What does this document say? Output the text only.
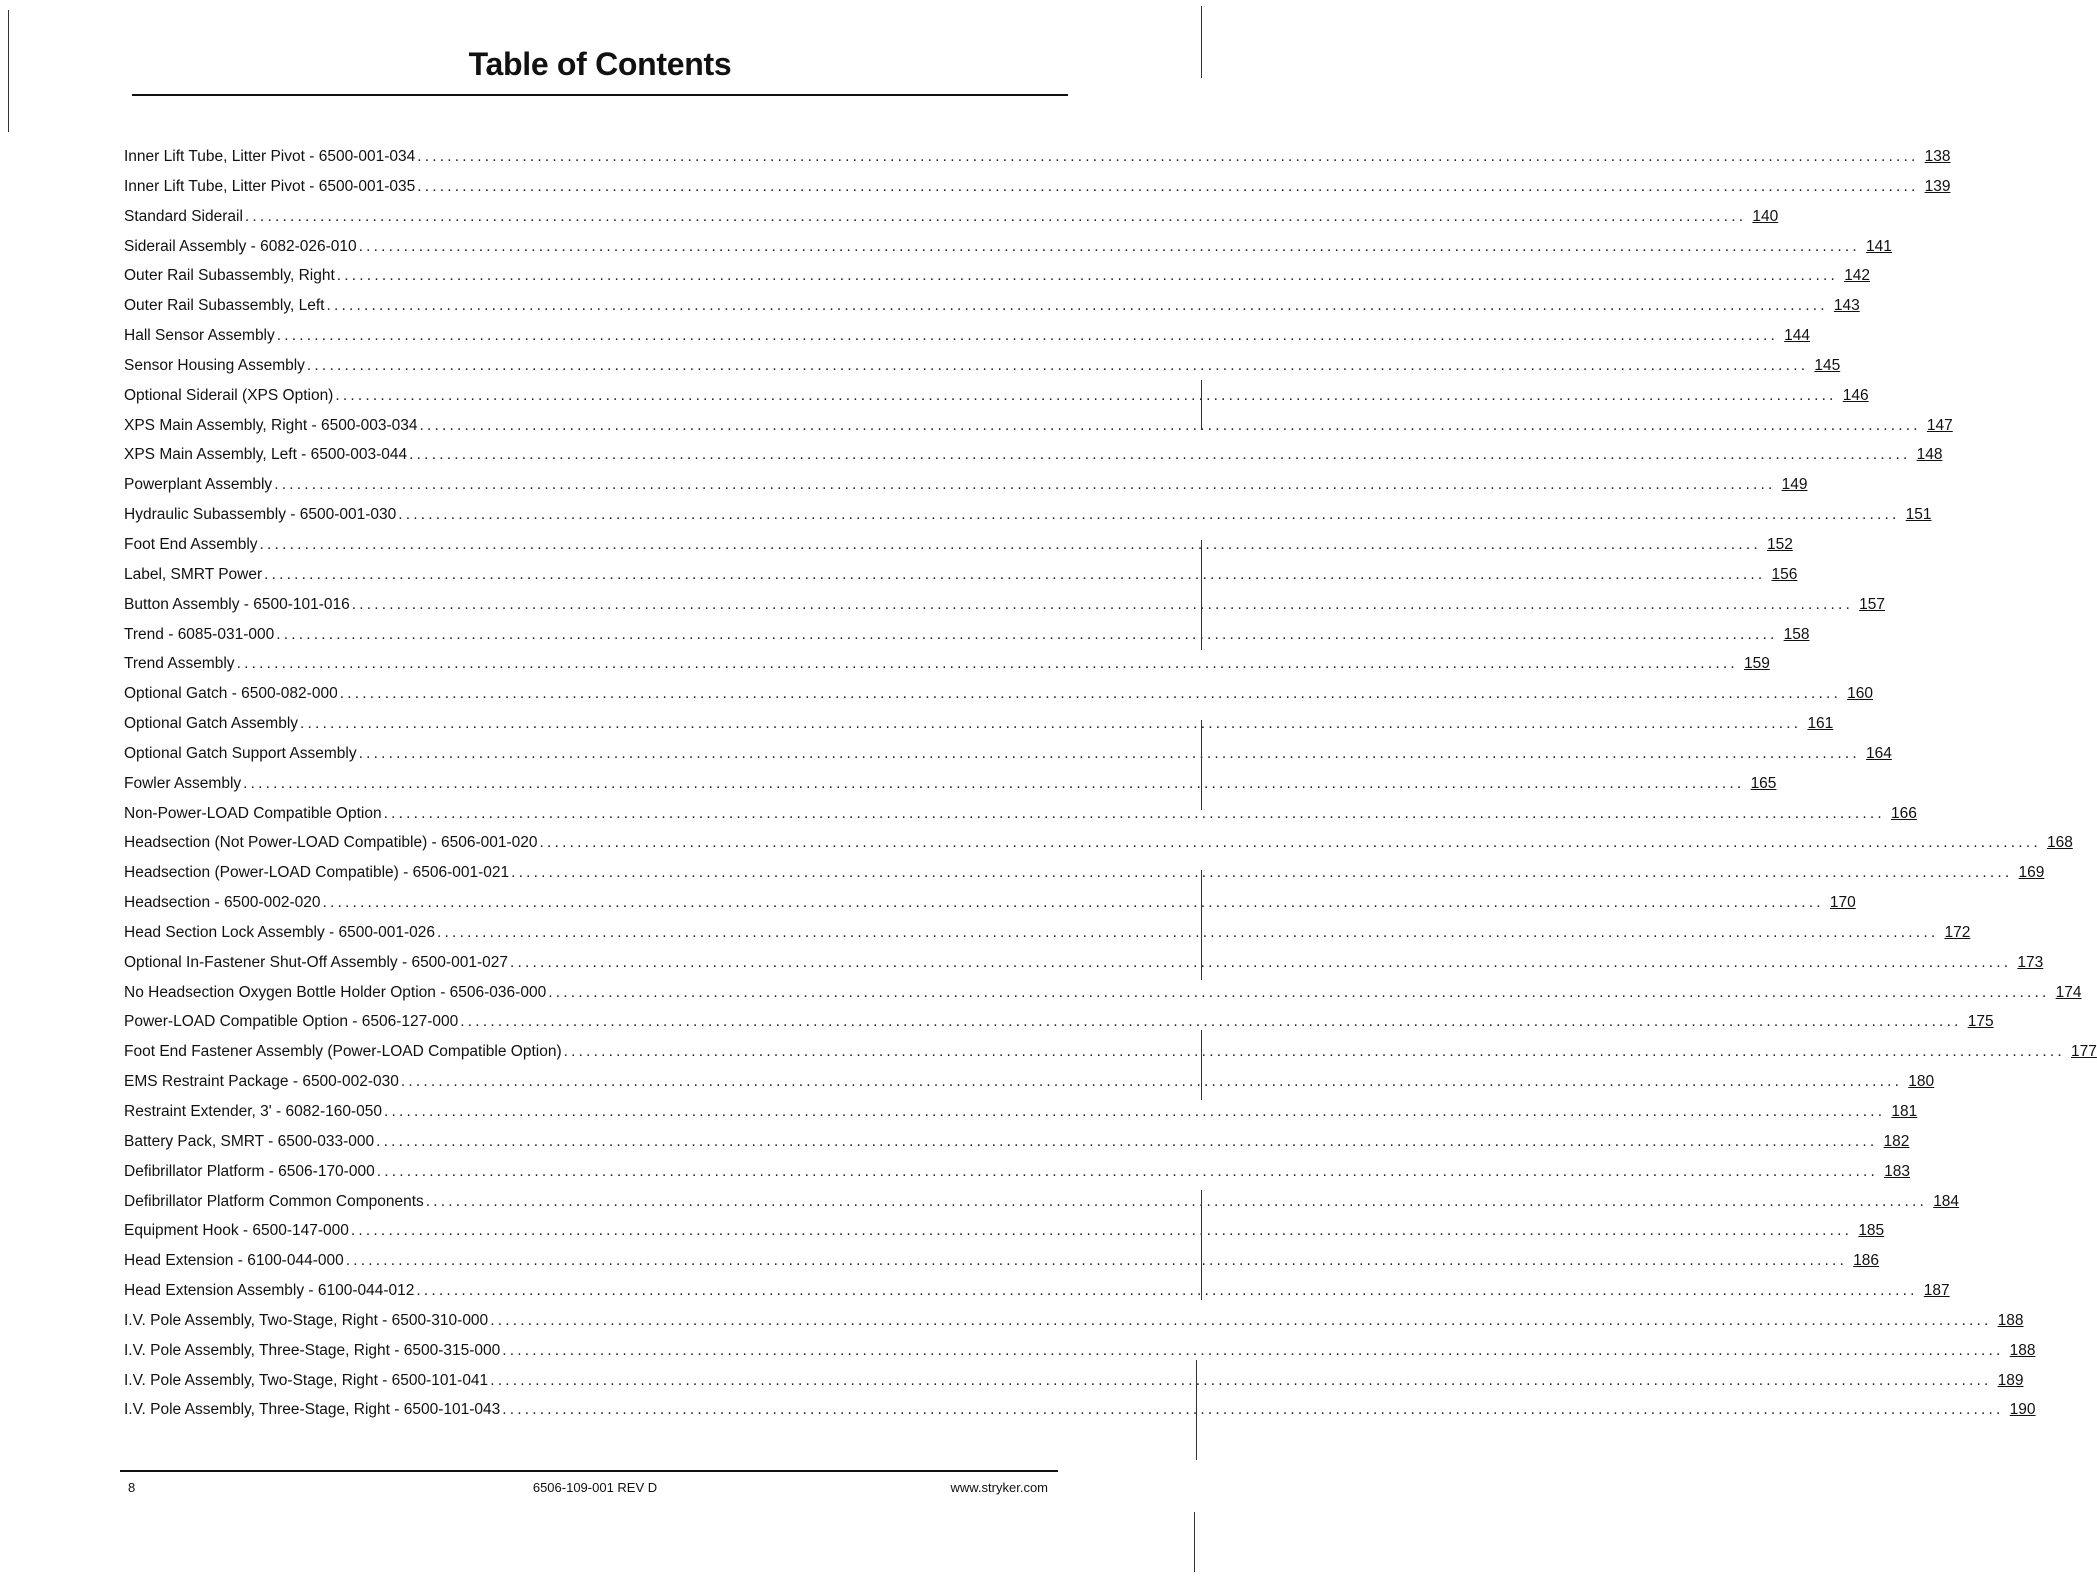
Table of Contents
Inner Lift Tube, Litter Pivot - 6500-001-034 ........................................................................................................................................................................................................ 138
Inner Lift Tube, Litter Pivot - 6500-001-035 ........................................................................................................................................................................................................ 139
Standard Siderail ........................................................................................................................................................................................................ 140
Siderail Assembly - 6082-026-010 ........................................................................................................................................................................................................ 141
Outer Rail Subassembly, Right ........................................................................................................................................................................................................ 142
Outer Rail Subassembly, Left ........................................................................................................................................................................................................ 143
Hall Sensor Assembly ........................................................................................................................................................................................................ 144
Sensor Housing Assembly ........................................................................................................................................................................................................ 145
Optional Siderail (XPS Option) ........................................................................................................................................................................................................ 146
XPS Main Assembly, Right - 6500-003-034 ........................................................................................................................................................................................................ 147
XPS Main Assembly, Left - 6500-003-044 ........................................................................................................................................................................................................ 148
Powerplant Assembly ........................................................................................................................................................................................................ 149
Hydraulic Subassembly - 6500-001-030 ........................................................................................................................................................................................................ 151
Foot End Assembly ........................................................................................................................................................................................................ 152
Label, SMRT Power ........................................................................................................................................................................................................ 156
Button Assembly - 6500-101-016 ........................................................................................................................................................................................................ 157
Trend - 6085-031-000 ........................................................................................................................................................................................................ 158
Trend Assembly ........................................................................................................................................................................................................ 159
Optional Gatch - 6500-082-000 ........................................................................................................................................................................................................ 160
Optional Gatch Assembly ........................................................................................................................................................................................................ 161
Optional Gatch Support Assembly ........................................................................................................................................................................................................ 164
Fowler Assembly ........................................................................................................................................................................................................ 165
Non-Power-LOAD Compatible Option ........................................................................................................................................................................................................ 166
Headsection (Not Power-LOAD Compatible) - 6506-001-020 ........................................................................................................................................................................................................ 168
Headsection (Power-LOAD Compatible) - 6506-001-021 ........................................................................................................................................................................................................ 169
Headsection - 6500-002-020 ........................................................................................................................................................................................................ 170
Head Section Lock Assembly - 6500-001-026 ........................................................................................................................................................................................................ 172
Optional In-Fastener Shut-Off Assembly - 6500-001-027 ........................................................................................................................................................................................................ 173
No Headsection Oxygen Bottle Holder Option - 6506-036-000 ........................................................................................................................................................................................................ 174
Power-LOAD Compatible Option - 6506-127-000 ........................................................................................................................................................................................................ 175
Foot End Fastener Assembly (Power-LOAD Compatible Option) ........................................................................................................................................................................................................ 177
EMS Restraint Package - 6500-002-030 ........................................................................................................................................................................................................ 180
Restraint Extender, 3' - 6082-160-050 ........................................................................................................................................................................................................ 181
Battery Pack, SMRT - 6500-033-000 ........................................................................................................................................................................................................ 182
Defibrillator Platform - 6506-170-000 ........................................................................................................................................................................................................ 183
Defibrillator Platform Common Components ........................................................................................................................................................................................................ 184
Equipment Hook - 6500-147-000 ........................................................................................................................................................................................................ 185
Head Extension - 6100-044-000 ........................................................................................................................................................................................................ 186
Head Extension Assembly - 6100-044-012 ........................................................................................................................................................................................................ 187
I.V. Pole Assembly, Two-Stage, Right - 6500-310-000 ........................................................................................................................................................................................................ 188
I.V. Pole Assembly, Three-Stage, Right - 6500-315-000 ........................................................................................................................................................................................................ 188
I.V. Pole Assembly, Two-Stage, Right - 6500-101-041 ........................................................................................................................................................................................................ 189
I.V. Pole Assembly, Three-Stage, Right - 6500-101-043 ........................................................................................................................................................................................................ 190
8	6506-109-001 REV D	www.stryker.com
